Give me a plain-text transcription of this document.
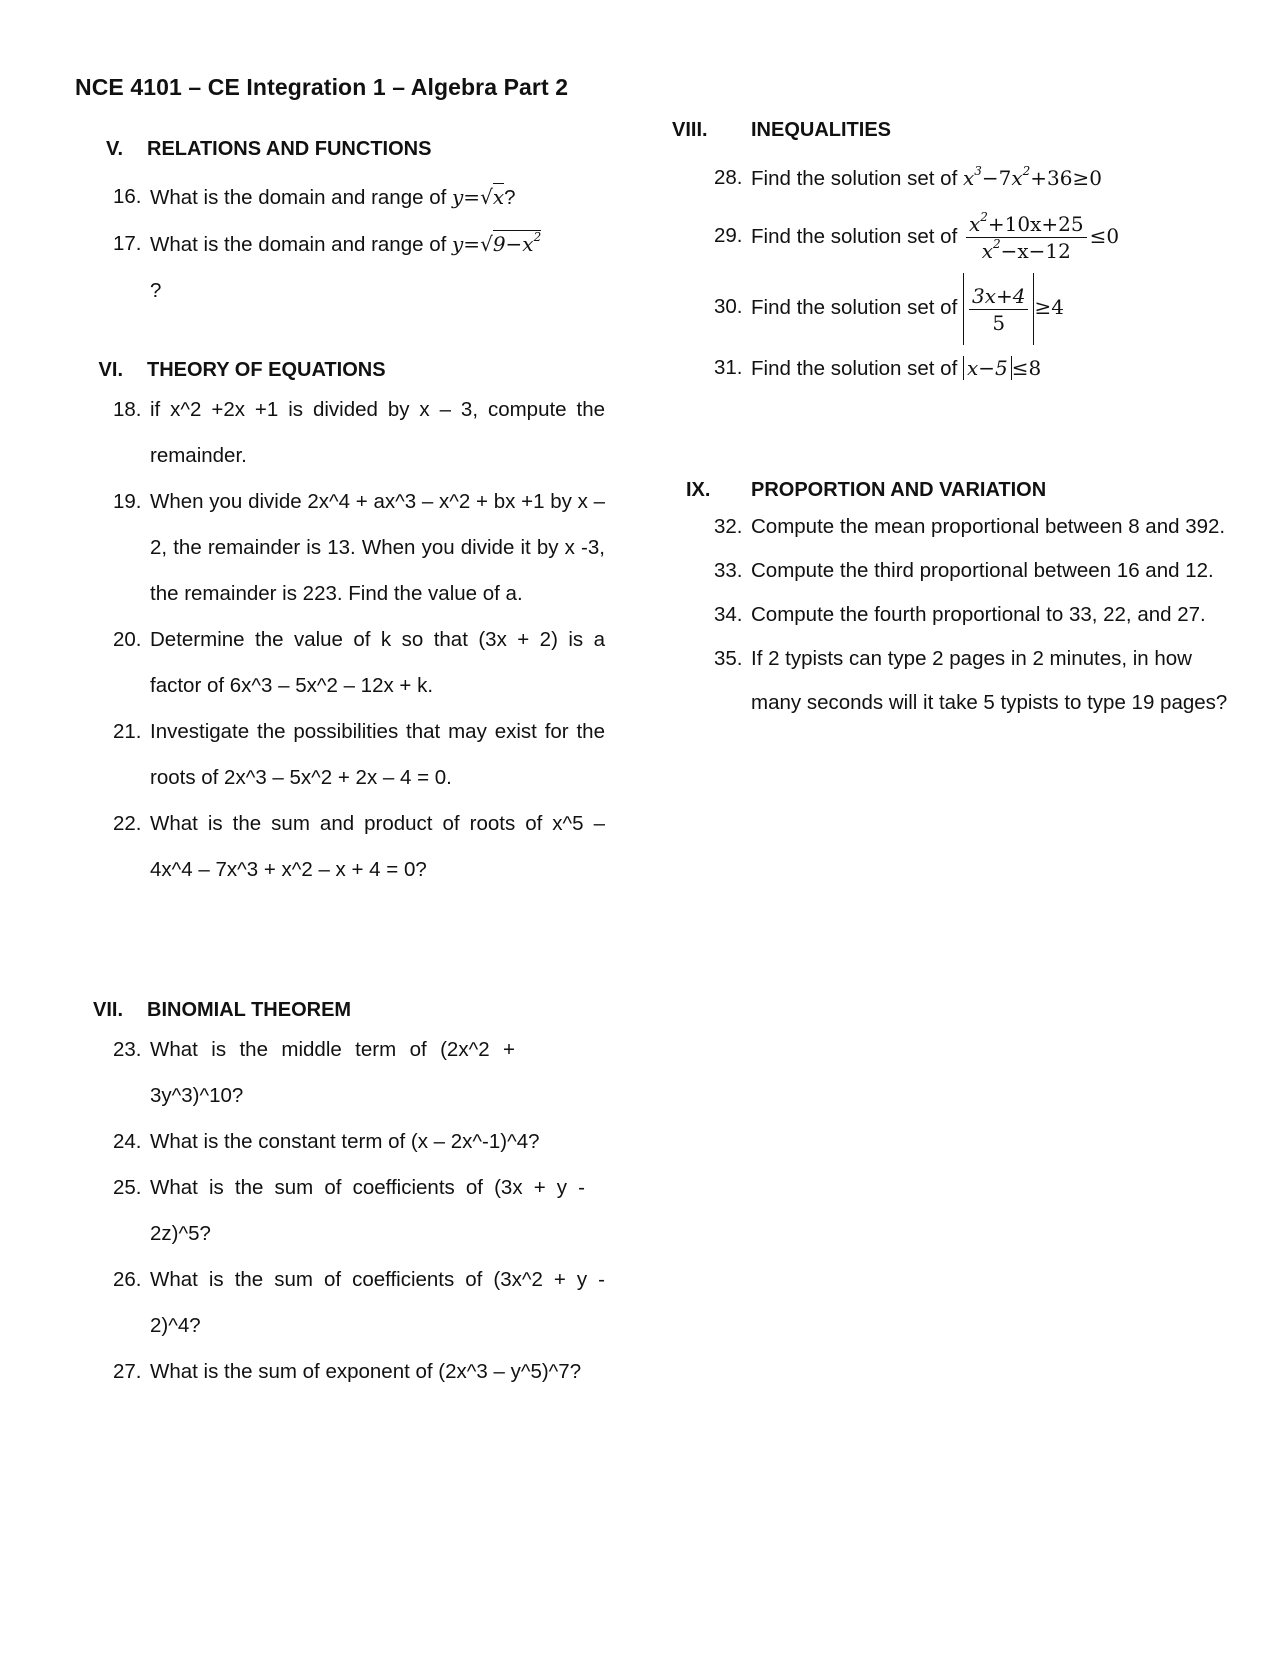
NCE 4101 – CE Integration 1 – Algebra Part 2
V.	RELATIONS AND FUNCTIONS
16. What is the domain and range of y=√x?
17. What is the domain and range of $y=√9-x^2$
?
VI.	THEORY OF EQUATIONS
18. if x^2 +2x +1 is divided by x – 3, compute the remainder.
19. When you divide 2x^4 + ax^3 – x^2 + bx +1 by x – 2, the remainder is 13. When you divide it by x -3, the remainder is 223. Find the value of a.
20. Determine the value of k so that (3x + 2) is a factor of 6x^3 – 5x^2 – 12x + k.
21. Investigate the possibilities that may exist for the roots of 2x^3 – 5x^2 + 2x – 4 = 0.
22. What is the sum and product of roots of x^5 – 4x^4 – 7x^3 + x^2 – x + 4 = 0?
VII.	BINOMIAL THEOREM
23. What is the middle term of (2x^2 + 3y^3)^10?
24. What is the constant term of (x – 2x^-1)^4?
25. What is the sum of coefficients of (3x + y - 2z)^5?
26. What is the sum of coefficients of (3x^2 + y - 2)^4?
27. What is the sum of exponent of (2x^3 – y^5)^7?
VIII.	INEQUALITIES
28. Find the solution set of $x^3-7x^2+36\ge 0$
29. Find the solution set of $\frac{x^2+10x+25}{x^2-x-12} \le 0$
30. Find the solution set of $\frac{3x+4}{5} \ge 4$
31. Find the solution set of x−5 ≤8
IX.	PROPORTION AND VARIATION
32. Compute the mean proportional between 8 and 392.
33. Compute the third proportional between 16 and 12.
34. Compute the fourth proportional to 33, 22, and 27.
35. If 2 typists can type 2 pages in 2 minutes, in how many seconds will it take 5 typists to type 19 pages?
